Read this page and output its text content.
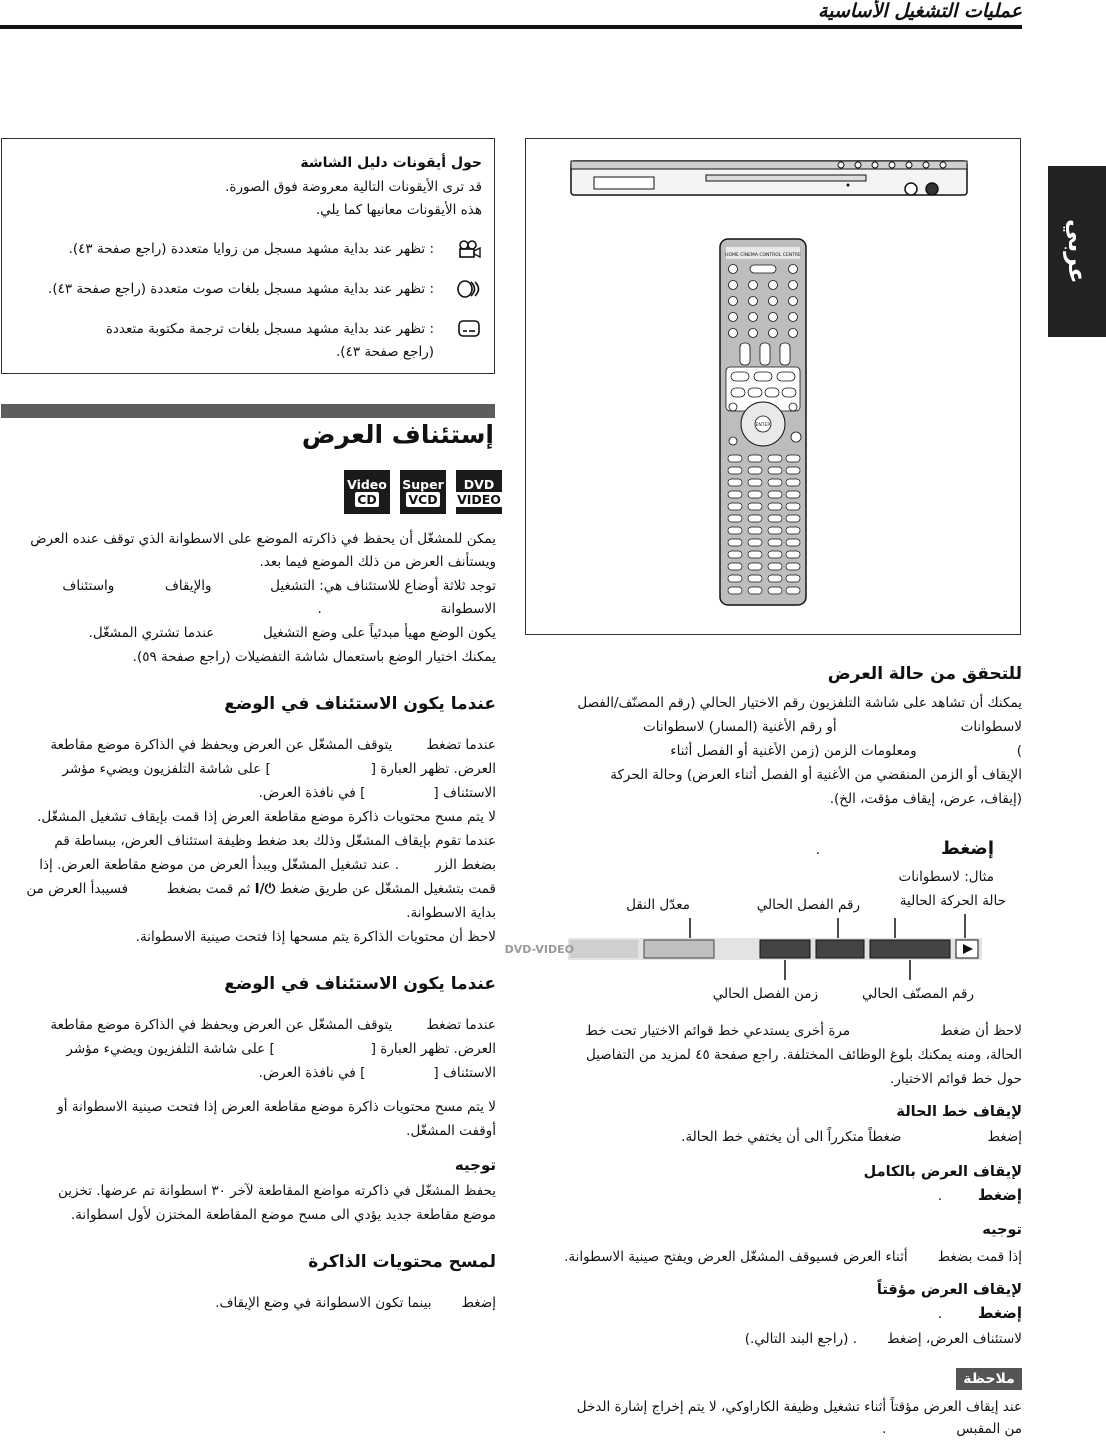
عمليات التشغيل الأساسية
عربي
حول أيقونات دليل الشاشة
قد ترى الأيقونات التالية معروضة فوق الصورة.
هذه الأيقونات معانيها كما يلي.
: تظهر عند بداية مشهد مسجل من زوايا متعددة (راجع صفحة ٤٣).
: تظهر عند بداية مشهد مسجل بلغات صوت متعددة (راجع صفحة ٤٣).
: تظهر عند بداية مشهد مسجل بلغات ترجمة مكتوبة متعددة
(راجع صفحة ٤٣).
إستئناف العرض
Video
CD
Super
VCD
DVD
VIDEO
يمكن للمشغّل أن يحفظ في ذاكرته الموضع على الاسطوانة الذي توقف عنده العرض ويستأنف العرض من ذلك الموضع فيما بعد.
توجد ثلاثة أوضاع للاستئناف هي: التشغيل  والإيقاف  واستئناف
الاسطوانة  .
يكون الوضع مهيأ مبدئياً على وضع التشغيل  عندما تشتري المشغّل.
يمكنك اختيار الوضع باستعمال شاشة التفضيلات (راجع صفحة ٥٩).
عندما يكون الاستئناف في الوضع
عندما تضغطيتوقف المشغّل عن العرض ويحفظ في الذاكرة موضع مقاطعة
العرض. تظهر العبارة [] على شاشة التلفزيون ويضيء مؤشر
الاستئناف [] في نافذة العرض.
لا يتم مسح محتويات ذاكرة موضع مقاطعة العرض إذا قمت بإيقاف تشغيل المشغّل.
عندما تقوم بإيقاف المشغّل وذلك بعد ضغط وظيفة استئناف العرض، ببساطة قم
بضغط الزر. عند تشغيل المشغّل ويبدأ العرض من موضع مقاطعة العرض. إذا
قمت بتشغيل المشغّل عن طريق ضغط ⏻/I ثم قمت بضغط  فسيبدأ العرض من
بداية الاسطوانة.
لاحظ أن محتويات الذاكرة يتم مسحها إذا فتحت صينية الاسطوانة.
عندما يكون الاستئناف في الوضع
عندما تضغطيتوقف المشغّل عن العرض ويحفظ في الذاكرة موضع مقاطعة
العرض. تظهر العبارة [] على شاشة التلفزيون ويضيء مؤشر
الاستئناف [] في نافذة العرض.
لا يتم مسح محتويات ذاكرة موضع مقاطعة العرض إذا فتحت صينية الاسطوانة أو
أوقفت المشغّل.
توجيه
يحفظ المشغّل في ذاكرته مواضع المقاطعة لآخر ٣٠ اسطوانة تم عرضها. تخزين
موضع مقاطعة جديد يؤدي الى مسح موضع المقاطعة المختزن لأول اسطوانة.
لمسح محتويات الذاكرة
إضغطبينما تكون الاسطوانة في وضع الإيقاف.
HOME CINEMA CONTROL CENTRE
ENTER
للتحقق من حالة العرض
يمكنك أن تشاهد على شاشة التلفزيون رقم الاختيار الحالي (رقم المصنّف/الفصل
لاسطواناتأو رقم الأغنية (المسار) لاسطوانات
)ومعلومات الزمن (زمن الأغنية أو الفصل أثناء
الإيقاف أو الزمن المنقضي من الأغنية أو الفصل أثناء العرض) وحالة الحركة
(إيقاف، عرض، إيقاف مؤقت، الخ).
إضغط
.
مثال: لاسطوانات
حالة الحركة الحالية
رقم الفصل الحالي
معدّل النقل
رقم المصنّف الحالي
زمن الفصل الحالي
DVD-VIDEO
لاحظ أن ضغطمرة أخرى يستدعي خط قوائم الاختيار تحت خط
الحالة، ومنه يمكنك بلوغ الوظائف المختلفة. راجع صفحة ٤٥ لمزيد من التفاصيل
حول خط قوائم الاختيار.
لإيقاف خط الحالة
إضغطضغطاً متكرراً الى أن يختفي خط الحالة.
لإيقاف العرض بالكامل
إضغط
.
توجيه
إذا قمت بضغطأثناء العرض فسيوقف المشغّل العرض ويفتح صينية الاسطوانة.
لإيقاف العرض مؤقتاً
إضغط
.
لاستئناف العرض، إضغط. (راجع البند التالي.)
ملاحظة
عند إيقاف العرض مؤقتاً أثناء تشغيل وظيفة الكاراوكي، لا يتم إخراج إشارة الدخل
من المقبس.
